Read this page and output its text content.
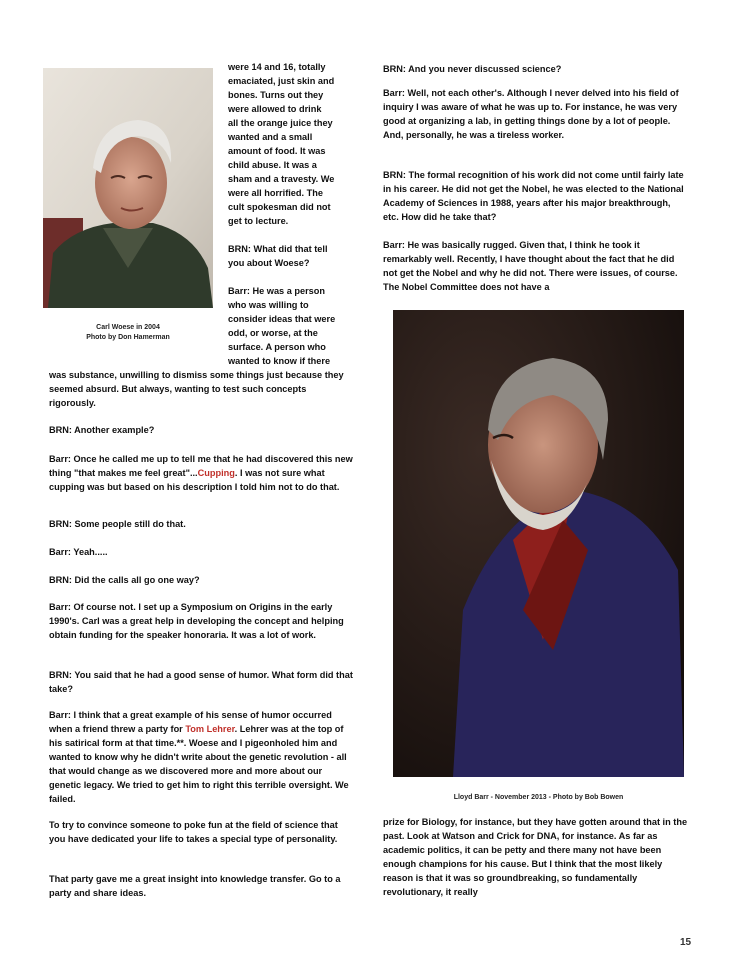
Carl Woese in 2004
Photo by Don Hamerman
were 14 and 16, totally
emaciated, just skin and
bones. Turns out they
were allowed to drink
all the orange juice they
wanted and a small
amount of food. It was
child abuse. It was a
sham and a travesty. We
were all horrified. The
cult spokesman did not
get to lecture.
BRN: What did that tell
you about Woese?
Barr: He was a person
who was willing to
consider ideas that were
odd, or worse, at the
surface. A person who
wanted to know if there

was substance, unwilling to dismiss some things just because they seemed absurd. But always, wanting to test such concepts rigorously.

BRN: Another example?

Barr: Once he called me up to tell me that he had discovered this new thing "that makes me feel great"...Cupping. I was not sure what cupping was but based on his description I told him not to do that.

BRN: Some people still do that.

Barr: Yeah.....

BRN: Did the calls all go one way?

Barr: Of course not. I set up a Symposium on Origins in the early 1990's. Carl was a great help in developing the concept and helping obtain funding for the speaker honoraria. It was a lot of work.

BRN: You said that he had a good sense of humor. What form did that take?

Barr: I think that a great example of his sense of humor occurred when a friend threw a party for Tom Lehrer. Lehrer was at the top of his satirical form at that time.**. Woese and I pigeonholed him and wanted to know why he didn't write about the genetic revolution - all that would change as we discovered more and more about our genetic legacy. We tried to get him to right this terrible oversight. We failed.

To try to convince someone to poke fun at the field of science that you have dedicated your life to takes a special type of personality.

That party gave me a great insight into knowledge transfer. Go to a party and share ideas.

BRN: And you never discussed science?

Barr: Well, not each other's. Although I never delved into his field of inquiry I was aware of what he was up to. For instance, he was very good at organizing a lab, in getting things done by a lot of people. And, personally, he was a tireless worker.

BRN: The formal recognition of his work did not come until fairly late in his career. He did not get the Nobel, he was elected to the National Academy of Sciences in 1988, years after his major breakthrough, etc. How did he take that?

Barr: He was basically rugged. Given that, I think he took it remarkably well. Recently, I have thought about the fact that he did not get the Nobel and why he did not. There were issues, of course. The Nobel Committee does not have a

Lloyd Barr - November 2013 - Photo by Bob Bowen

prize for Biology, for instance, but they have gotten around that in the past. Look at Watson and Crick for DNA, for instance. As far as academic politics, it can be petty and there many not have been enough champions for his cause. But I think that the most likely reason is that it was so groundbreaking, so fundamentally revolutionary, it really

15
